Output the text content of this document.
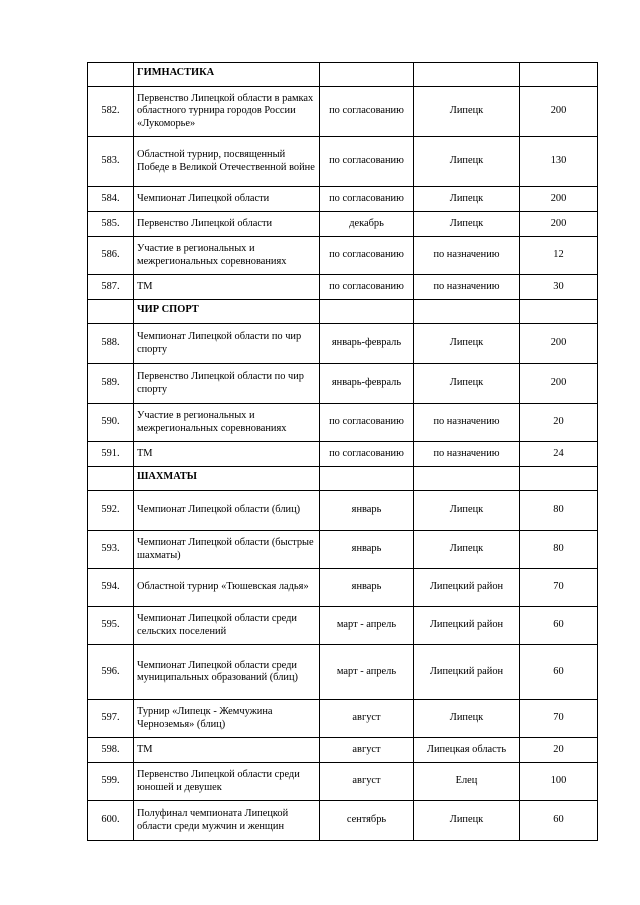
	ГИМНАСТИКА			
582.	Первенство Липецкой области в рамках областного турнира городов России «Лукоморье»	по согласованию	Липецк	200
583.	Областной турнир, посвященный Победе в Великой Отечественной войне	по согласованию	Липецк	130
584.	Чемпионат Липецкой области	по согласованию	Липецк	200
585.	Первенство Липецкой области	декабрь	Липецк	200
586.	Участие в региональных и межрегиональных соревнованиях	по согласованию	по назначению	12
587.	ТМ	по согласованию	по назначению	30
	ЧИР СПОРТ			
588.	Чемпионат Липецкой области по чир спорту	январь-февраль	Липецк	200
589.	Первенство Липецкой области по чир спорту	январь-февраль	Липецк	200
590.	Участие в региональных и межрегиональных соревнованиях	по согласованию	по назначению	20
591.	ТМ	по согласованию	по назначению	24
	ШАХМАТЫ			
592.	Чемпионат Липецкой области (блиц)	январь	Липецк	80
593.	Чемпионат Липецкой области (быстрые шахматы)	январь	Липецк	80
594.	Областной турнир «Тюшевская ладья»	январь	Липецкий район	70
595.	Чемпионат Липецкой области среди сельских поселений	март - апрель	Липецкий район	60
596.	Чемпионат Липецкой области среди муниципальных образований (блиц)	март - апрель	Липецкий район	60
597.	Турнир «Липецк - Жемчужина Черноземья» (блиц)	август	Липецк	70
598.	ТМ	август	Липецкая область	20
599.	Первенство Липецкой области среди юношей и девушек	август	Елец	100
600.	Полуфинал чемпионата Липецкой области среди мужчин и женщин	сентябрь	Липецк	60
